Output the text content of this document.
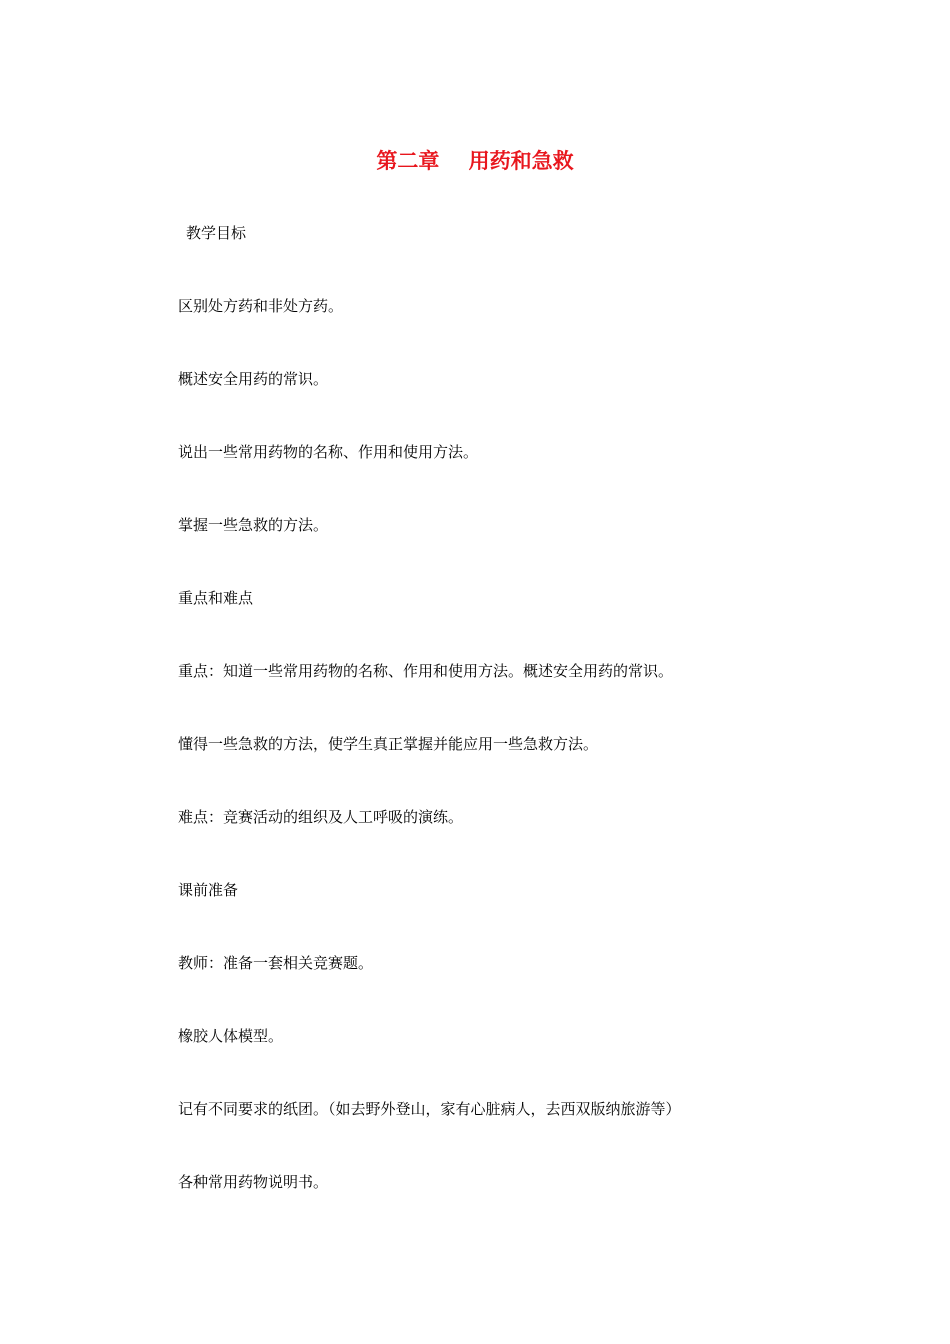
第二章    用药和急救
教学目标
区别处方药和非处方药。
概述安全用药的常识。
说出一些常用药物的名称、作用和使用方法。
掌握一些急救的方法。
重点和难点
重点：知道一些常用药物的名称、作用和使用方法。概述安全用药的常识。
懂得一些急救的方法，使学生真正掌握并能应用一些急救方法。
难点：竞赛活动的组织及人工呼吸的演练。
课前准备
教师：准备一套相关竞赛题。
橡胶人体模型。
记有不同要求的纸团。（如去野外登山，家有心脏病人，去西双版纳旅游等）
各种常用药物说明书。
